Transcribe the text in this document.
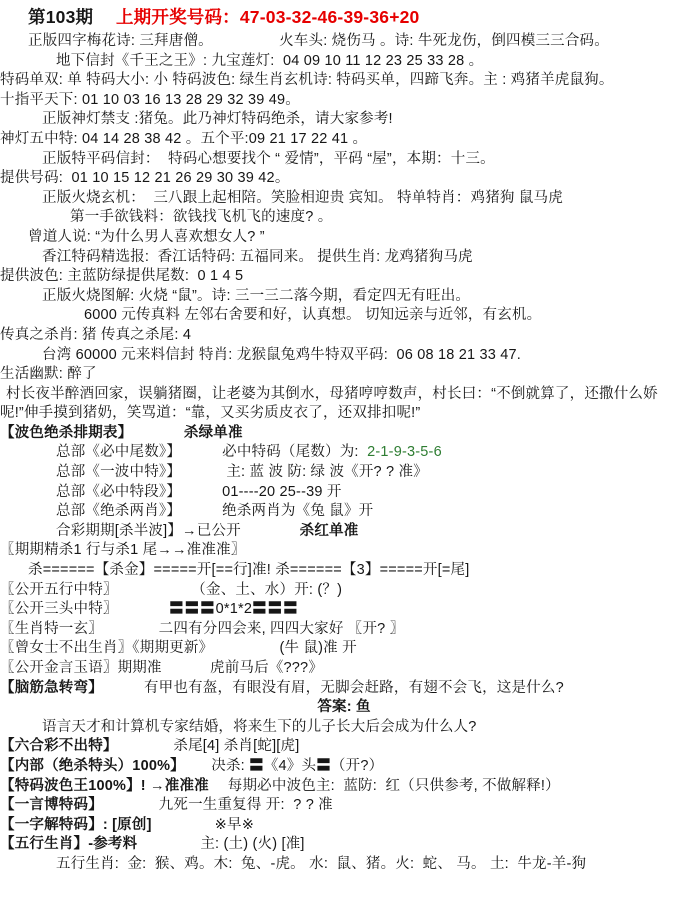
第103期　 上期开奖号码：47-03-32-46-39-36+20
正版四字梅花诗: 三拜唐僧。　　　　　火车头: 烧伤马 。诗: 牛死龙伤，倒四模三三合码。
地下信封《千王之王》: 九宝莲灯:  04 09 10 11 12 23 25 33 28 。
特码单双: 单 特码大小: 小 特码波色: 绿生肖玄机诗: 特码买单，四蹄飞奔。主 : 鸡猪羊虎鼠狗。
十指平天下: 01 10 03 16 13 28 29 32 39 49。
正版神灯禁支 :猪兔。此乃神灯特码绝杀，请大家参考!
神灯五中特: 04 14 28 38 42 。五个平:09 21 17 22 41 。
正版特平码信封：  特码心想要找个 “ 爱情”，平码 “屋”，本期：十三。
提供号码:  01 10 15 12 21 26 29 30 39 42。
正版火烧玄机：  三八跟上起相陪。笑脸相迎贵 宾知。 特单特肖：鸡猪狗 鼠马虎
第一手欲钱料：欲钱找飞机飞的速度? 。
曾道人说: “为什么男人喜欢想女人? ”
香江特码精选报:  香江话特码: 五福同来。 提供生肖: 龙鸡猪狗马虎
提供波色: 主蓝防绿提供尾数:  0 1 4 5
正版火烧图解: 火烧 “鼠”。诗: 三一三二落今期，看定四无有旺出。
6000 元传真料 左邻右舍要和好，认真想。 切知远亲与近邻，有玄机。
传真之杀肖: 猪 传真之杀尾: 4
台湾 60000 元来料信封 特肖: 龙猴鼠兔鸡牛特双平码:  06 08 18 21 33 47.
生活幽默: 醉了
村长夜半醉酒回家，误躺猪圈，让老婆为其倒水，母猪哼哼数声，村长曰：“不倒就算了，还撒什么娇
呢!”伸手摸到猪奶，笑骂道：“靠，又买劣质皮衣了，还双排扣呢!”
【波色绝杀排期表】　　　　	杀绿单准
总部《必中尾数》】　　　 必中特码（尾数）为:  2-1-9-3-5-6
总部《一波中特》】　　　  主: 蓝 波 防: 绿 波《开? ? 准》
总部《必中特段》】　　　 01----20 25--39 开
总部《绝杀两肖》】　　　 绝杀两肖为《兔 鼠》开
合彩期期[杀半波]】→已公开　　　　杀红单准
〖期期精杀1 行与杀1 尾→→准准准〗
杀======【杀金】=====开[==行]准! 杀======【3】=====开[=尾]
〖公开五行中特〗　　　　　　（金、土、水）开: (？)
〖公开三头中特〗　　　　〓〓〓0*1*2〓〓〓
〖生肖特一玄〗　　　　 二四有分四会来, 四四大家好 〖开? 〗
〖曾女士不出生肖〗《期期更新》　　　　　(牛 鼠)准 开
〖公开金言玉语〗期期准　　　 虎前马后《???》
【脑筋急转弯】　　　 有甲也有盔，有眼没有眉，无脚会赶路，有翅不会飞，这是什么?
答案: 鱼
语言天才和计算机专家结婚，将来生下的儿子长大后会成为什么人?
【六合彩不出特】　　　　 杀尾[4] 杀肖[蛇][虎]
【内部（绝杀特头）100%】　　 决杀: 〓《4》头〓（开?）
【特码波色王100%】! →准准准　 每期必中波色主:  蓝防:  红（只供参考, 不做解释!）
【一言博特码】　　　　 九死一生重复得 开:  ? ? 准
【一字解特码】: [原创]　　　　 ※早※
【五行生肖】-参考料　　　　 主: (土) (火) [准]
五行生肖:  金:  猴、鸡。木:  兔、-虎。 水:  鼠、猪。火:  蛇、 马。 土:  牛龙-羊-狗
